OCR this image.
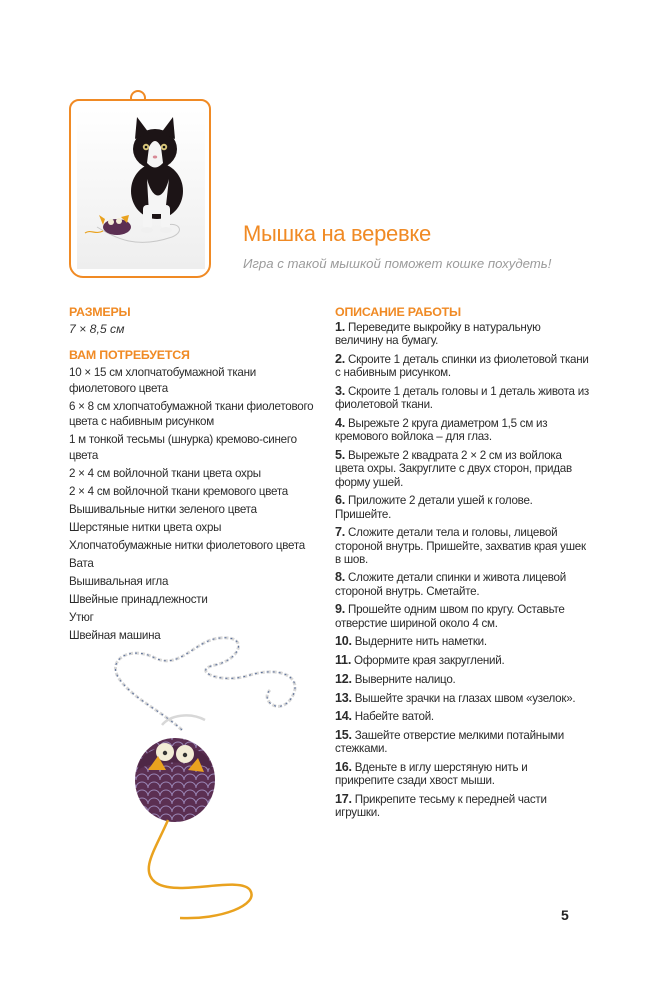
Мышка на веревке
Игра с такой мышкой поможет кошке похудеть!
РАЗМЕРЫ
7 × 8,5 см
ВАМ ПОТРЕБУЕТСЯ
10 × 15 см хлопчатобумажной ткани фиолетового цвета
6 × 8 см хлопчатобумажной ткани фиолетового цвета с набивным рисунком
1 м тонкой тесьмы (шнурка) кремово-синего цвета
2 × 4 см войлочной ткани цвета охры
2 × 4 см войлочной ткани кремового цвета
Вышивальные нитки зеленого цвета
Шерстяные нитки цвета охры
Хлопчатобумажные нитки фиолетового цвета
Вата
Вышивальная игла
Швейные принадлежности
Утюг
Швейная машина
ОПИСАНИЕ РАБОТЫ
1. Переведите выкройку в натуральную величину на бумагу.
2. Скроите 1 деталь спинки из фиолетовой ткани с набивным рисунком.
3. Скроите 1 деталь головы и 1 деталь живота из фиолетовой ткани.
4. Вырежьте 2 круга диаметром 1,5 см из кремового войлока – для глаз.
5. Вырежьте 2 квадрата 2 × 2 см из войлока цвета охры. Закруглите с двух сторон, придав форму ушей.
6. Приложите 2 детали ушей к голове. Пришейте.
7. Сложите детали тела и головы, лицевой стороной внутрь. Пришейте, захватив края ушек в шов.
8. Сложите детали спинки и живота лицевой стороной внутрь. Сметайте.
9. Прошейте одним швом по кругу. Оставьте отверстие шириной около 4 см.
10. Выдерните нить наметки.
11. Оформите края закруглений.
12. Выверните налицо.
13. Вышейте зрачки на глазах швом «узелок».
14. Набейте ватой.
15. Зашейте отверстие мелкими потайными стежками.
16. Вденьте в иглу шерстяную нить и прикрепите сзади хвост мыши.
17. Прикрепите тесьму к передней части игрушки.
5
